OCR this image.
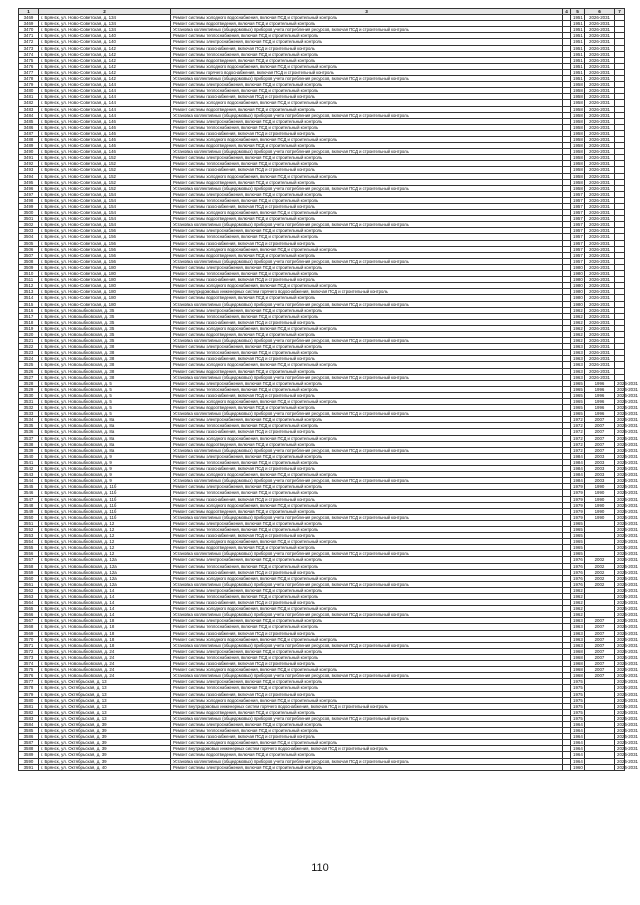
1	2	3	4	5	6	7
3469	г. Брянск, ул. Ново-Советская, д. 134	Ремонт системы холодного водоснабжения, включая ПСД и строительный контроль		1951	2026-2031	
3469	г. Брянск, ул. Ново-Советская, д. 134	Ремонт системы водоотведения, включая ПСД и строительный контроль		1951	2026-2031	
3470	г. Брянск, ул. Ново-Советская, д. 134	Установка коллективных (общедомовых) приборов учета потребления ресурсов, включая ПСД и строительный контроль		1951	2026-2031	
3471	г. Брянск, ул. Ново-Советская, д. 140	Ремонт системы теплоснабжения, включая ПСД и строительный контроль		1951	2026-2031	
3472	г. Брянск, ул. Ново-Советская, д. 140	Ремонт системы электроснабжения, включая ПСД и строительный контроль		1951	2026-2031	
3473	г. Брянск, ул. Ново-Советская, д. 142	Ремонт системы газоснабжения, включая ПСД и строительный контроль		1951	2026-2031	
3474	г. Брянск, ул. Ново-Советская, д. 142	Ремонт системы теплоснабжения, включая ПСД и строительный контроль		1951	2026-2031	
3475	г. Брянск, ул. Ново-Советская, д. 142	Ремонт системы водоотведения, включая ПСД и строительный контроль		1951	2026-2031	
3476	г. Брянск, ул. Ново-Советская, д. 142	Ремонт системы холодного водоснабжения, включая ПСД и строительный контроль		1951	2026-2031	
3477	г. Брянск, ул. Ново-Советская, д. 142	Ремонт системы горячего водоснабжения, включая ПСД и строительный контроль		1951	2026-2031	
3478	г. Брянск, ул. Ново-Советская, д. 142	Установка коллективных (общедомовых) приборов учета потребления ресурсов, включая ПСД и строительный контроль		1951	2026-2031	
3479	г. Брянск, ул. Ново-Советская, д. 144	Ремонт системы электроснабжения, включая ПСД и строительный контроль		1958	2026-2031	
3480	г. Брянск, ул. Ново-Советская, д. 144	Ремонт системы теплоснабжения, включая ПСД и строительный контроль		1958	2026-2031	
3481	г. Брянск, ул. Ново-Советская, д. 144	Ремонт системы газоснабжения, включая ПСД и строительный контроль		1958	2026-2031	
3482	г. Брянск, ул. Ново-Советская, д. 144	Ремонт системы холодного водоснабжения, включая ПСД и строительный контроль		1958	2026-2031	
3483	г. Брянск, ул. Ново-Советская, д. 144	Ремонт системы водоотведения, включая ПСД и строительный контроль		1958	2026-2031	
3484	г. Брянск, ул. Ново-Советская, д. 144	Установка коллективных (общедомовых) приборов учета потребления ресурсов, включая ПСД и строительный контроль		1958	2026-2031	
3485	г. Брянск, ул. Ново-Советская, д. 146	Ремонт системы электроснабжения, включая ПСД и строительный контроль		1958	2026-2031	
3486	г. Брянск, ул. Ново-Советская, д. 146	Ремонт системы теплоснабжения, включая ПСД и строительный контроль		1958	2026-2031	
3487	г. Брянск, ул. Ново-Советская, д. 146	Ремонт системы газоснабжения, включая ПСД и строительный контроль		1958	2026-2031	
3488	г. Брянск, ул. Ново-Советская, д. 146	Ремонт системы холодного водоснабжения, включая ПСД и строительный контроль		1958	2026-2031	
3489	г. Брянск, ул. Ново-Советская, д. 146	Ремонт системы водоотведения, включая ПСД и строительный контроль		1958	2026-2031	
3490	г. Брянск, ул. Ново-Советская, д. 146	Установка коллективных (общедомовых) приборов учета потребления ресурсов, включая ПСД и строительный контроль		1958	2026-2031	
3491	г. Брянск, ул. Ново-Советская, д. 152	Ремонт системы электроснабжения, включая ПСД и строительный контроль		1958	2026-2031	
3492	г. Брянск, ул. Ново-Советская, д. 152	Ремонт системы теплоснабжения, включая ПСД и строительный контроль		1958	2026-2031	
3493	г. Брянск, ул. Ново-Советская, д. 152	Ремонт системы газоснабжения, включая ПСД и строительный контроль		1958	2026-2031	
3494	г. Брянск, ул. Ново-Советская, д. 152	Ремонт системы холодного водоснабжения, включая ПСД и строительный контроль		1958	2026-2031	
3495	г. Брянск, ул. Ново-Советская, д. 152	Ремонт системы водоотведения, включая ПСД и строительный контроль		1958	2026-2031	
3496	г. Брянск, ул. Ново-Советская, д. 152	Установка коллективных (общедомовых) приборов учета потребления ресурсов, включая ПСД и строительный контроль		1958	2026-2031	
3497	г. Брянск, ул. Ново-Советская, д. 154	Ремонт системы электроснабжения, включая ПСД и строительный контроль		1957	2026-2031	
3498	г. Брянск, ул. Ново-Советская, д. 154	Ремонт системы теплоснабжения, включая ПСД и строительный контроль		1957	2026-2031	
3499	г. Брянск, ул. Ново-Советская, д. 154	Ремонт системы газоснабжения, включая ПСД и строительный контроль		1957	2026-2031	
3500	г. Брянск, ул. Ново-Советская, д. 154	Ремонт системы холодного водоснабжения, включая ПСД и строительный контроль		1957	2026-2031	
3501	г. Брянск, ул. Ново-Советская, д. 154	Ремонт системы водоотведения, включая ПСД и строительный контроль		1957	2026-2031	
3502	г. Брянск, ул. Ново-Советская, д. 154	Установка коллективных (общедомовых) приборов учета потребления ресурсов, включая ПСД и строительный контроль		1957	2026-2031	
3503	г. Брянск, ул. Ново-Советская, д. 156	Ремонт системы электроснабжения, включая ПСД и строительный контроль		1957	2026-2031	
3504	г. Брянск, ул. Ново-Советская, д. 156	Ремонт системы теплоснабжения, включая ПСД и строительный контроль		1957	2026-2031	
3505	г. Брянск, ул. Ново-Советская, д. 156	Ремонт системы газоснабжения, включая ПСД и строительный контроль		1957	2026-2031	
3506	г. Брянск, ул. Ново-Советская, д. 156	Ремонт системы холодного водоснабжения, включая ПСД и строительный контроль		1957	2026-2031	
3507	г. Брянск, ул. Ново-Советская, д. 156	Ремонт системы водоотведения, включая ПСД и строительный контроль		1957	2026-2031	
3508	г. Брянск, ул. Ново-Советская, д. 156	Установка коллективных (общедомовых) приборов учета потребления ресурсов, включая ПСД и строительный контроль		1957	2026-2031	
3509	г. Брянск, ул. Ново-Советская, д. 180	Ремонт системы электроснабжения, включая ПСД и строительный контроль		1980	2026-2031	
3510	г. Брянск, ул. Ново-Советская, д. 180	Ремонт системы теплоснабжения, включая ПСД и строительный контроль		1980	2026-2031	
3511	г. Брянск, ул. Ново-Советская, д. 180	Ремонт системы газоснабжения, включая ПСД и строительный контроль		1980	2026-2031	
3512	г. Брянск, ул. Ново-Советская, д. 180	Ремонт системы холодного водоснабжения, включая ПСД и строительный контроль		1980	2026-2031	
3513	г. Брянск, ул. Ново-Советская, д. 180	Ремонт внутридомовых инженерных систем горячего водоснабжения, включая ПСД и строительный контроль		1980	2026-2031	
3514	г. Брянск, ул. Ново-Советская, д. 180	Ремонт системы водоотведения, включая ПСД и строительный контроль		1980	2026-2031	
3515	г. Брянск, ул. Ново-Советская, д. 180	Установка коллективных (общедомовых) приборов учета потребления ресурсов, включая ПСД и строительный контроль		1980	2026-2031	
3516	г. Брянск, ул. Новозыбковская, д. 35	Ремонт системы электроснабжения, включая ПСД и строительный контроль		1962	2026-2031	
3517	г. Брянск, ул. Новозыбковская, д. 35	Ремонт системы теплоснабжения, включая ПСД и строительный контроль		1962	2026-2031	
3518	г. Брянск, ул. Новозыбковская, д. 35	Ремонт системы газоснабжения, включая ПСД и строительный контроль		1962	2026-2031	
3519	г. Брянск, ул. Новозыбковская, д. 35	Ремонт системы холодного водоснабжения, включая ПСД и строительный контроль		1962	2026-2031	
3520	г. Брянск, ул. Новозыбковская, д. 35	Ремонт системы водоотведения, включая ПСД и строительный контроль		1962	2026-2031	
3521	г. Брянск, ул. Новозыбковская, д. 35	Установка коллективных (общедомовых) приборов учета потребления ресурсов, включая ПСД и строительный контроль		1962	2026-2031	
3522	г. Брянск, ул. Новозыбковская, д. 38	Ремонт системы электроснабжения, включая ПСД и строительный контроль		1963	2026-2031	
3523	г. Брянск, ул. Новозыбковская, д. 38	Ремонт системы теплоснабжения, включая ПСД и строительный контроль		1963	2026-2031	
3524	г. Брянск, ул. Новозыбковская, д. 38	Ремонт системы газоснабжения, включая ПСД и строительный контроль		1963	2026-2031	
3525	г. Брянск, ул. Новозыбковская, д. 38	Ремонт системы холодного водоснабжения, включая ПСД и строительный контроль		1963	2026-2031	
3526	г. Брянск, ул. Новозыбковская, д. 38	Ремонт системы водоотведения, включая ПСД и строительный контроль		1963	2026-2031	
3527	г. Брянск, ул. Новозыбковская, д. 38	Установка коллективных (общедомовых) приборов учета потребления ресурсов, включая ПСД и строительный контроль		1963	2026-2031	
3528	г. Брянск, ул. Новозыбковская, д. 5	Ремонт системы электроснабжения, включая ПСД и строительный контроль		1965	1996	2026-2031
3529	г. Брянск, ул. Новозыбковская, д. 5	Ремонт системы теплоснабжения, включая ПСД и строительный контроль		1965	1996	2026-2031
3530	г. Брянск, ул. Новозыбковская, д. 5	Ремонт системы газоснабжения, включая ПСД и строительный контроль		1965	1996	2026-2031
3531	г. Брянск, ул. Новозыбковская, д. 5	Ремонт системы холодного водоснабжения, включая ПСД и строительный контроль		1965	1996	2026-2031
3532	г. Брянск, ул. Новозыбковская, д. 5	Ремонт системы водоотведения, включая ПСД и строительный контроль		1965	1996	2026-2031
3533	г. Брянск, ул. Новозыбковская, д. 5	Установка коллективных (общедомовых) приборов учета потребления ресурсов, включая ПСД и строительный контроль		1965	1996	2026-2031
3534	г. Брянск, ул. Новозыбковская, д. 8а	Ремонт системы электроснабжения, включая ПСД и строительный контроль		1972	2007	2026-2031
3535	г. Брянск, ул. Новозыбковская, д. 8а	Ремонт системы теплоснабжения, включая ПСД и строительный контроль		1972	2007	2026-2031
3536	г. Брянск, ул. Новозыбковская, д. 8а	Ремонт системы газоснабжения, включая ПСД и строительный контроль		1972	2007	2026-2031
3537	г. Брянск, ул. Новозыбковская, д. 8а	Ремонт системы холодного водоснабжения, включая ПСД и строительный контроль		1972	2007	2026-2031
3538	г. Брянск, ул. Новозыбковская, д. 8а	Ремонт системы водоотведения, включая ПСД и строительный контроль		1972	2007	2026-2031
3539	г. Брянск, ул. Новозыбковская, д. 8а	Установка коллективных (общедомовых) приборов учета потребления ресурсов, включая ПСД и строительный контроль		1972	2007	2026-2031
3540	г. Брянск, ул. Новозыбковская, д. 9	Ремонт системы электроснабжения, включая ПСД и строительный контроль		1984	2003	2026-2031
3541	г. Брянск, ул. Новозыбковская, д. 9	Ремонт системы теплоснабжения, включая ПСД и строительный контроль		1984	2003	2026-2031
3542	г. Брянск, ул. Новозыбковская, д. 9	Ремонт системы газоснабжения, включая ПСД и строительный контроль		1984	2003	2026-2031
3543	г. Брянск, ул. Новозыбковская, д. 9	Ремонт системы холодного водоснабжения, включая ПСД и строительный контроль		1984	2003	2026-2031
3544	г. Брянск, ул. Новозыбковская, д. 9	Установка коллективных (общедомовых) приборов учета потребления ресурсов, включая ПСД и строительный контроль		1984	2003	2026-2031
3545	г. Брянск, ул. Новозыбковская, д. 11б	Ремонт системы электроснабжения, включая ПСД и строительный контроль		1979	1990	2026-2031
3546	г. Брянск, ул. Новозыбковская, д. 11б	Ремонт системы теплоснабжения, включая ПСД и строительный контроль		1979	1990	2026-2031
3547	г. Брянск, ул. Новозыбковская, д. 11б	Ремонт системы газоснабжения, включая ПСД и строительный контроль		1979	1990	2026-2031
3548	г. Брянск, ул. Новозыбковская, д. 11б	Ремонт системы холодного водоснабжения, включая ПСД и строительный контроль		1979	1990	2026-2031
3549	г. Брянск, ул. Новозыбковская, д. 11б	Ремонт системы водоотведения, включая ПСД и строительный контроль		1979	1990	2026-2031
3550	г. Брянск, ул. Новозыбковская, д. 11б	Установка коллективных (общедомовых) приборов учета потребления ресурсов, включая ПСД и строительный контроль		1979	1990	2026-2031
3551	г. Брянск, ул. Новозыбковская, д. 12	Ремонт системы электроснабжения, включая ПСД и строительный контроль		1965		2026-2031
3552	г. Брянск, ул. Новозыбковская, д. 12	Ремонт системы теплоснабжения, включая ПСД и строительный контроль		1965		2026-2031
3553	г. Брянск, ул. Новозыбковская, д. 12	Ремонт системы газоснабжения, включая ПСД и строительный контроль		1965		2026-2031
3554	г. Брянск, ул. Новозыбковская, д. 12	Ремонт системы холодного водоснабжения, включая ПСД и строительный контроль		1965		2026-2031
3555	г. Брянск, ул. Новозыбковская, д. 12	Ремонт системы водоотведения, включая ПСД и строительный контроль		1965		2026-2031
3556	г. Брянск, ул. Новозыбковская, д. 12	Установка коллективных (общедомовых) приборов учета потребления ресурсов, включая ПСД и строительный контроль		1965		2026-2031
3557	г. Брянск, ул. Новозыбковская, д. 12а	Ремонт системы электроснабжения, включая ПСД и строительный контроль		1976	2002	2026-2031
3558	г. Брянск, ул. Новозыбковская, д. 12а	Ремонт системы теплоснабжения, включая ПСД и строительный контроль		1976	2002	2026-2031
3559	г. Брянск, ул. Новозыбковская, д. 12а	Ремонт системы газоснабжения, включая ПСД и строительный контроль		1976	2002	2026-2031
3560	г. Брянск, ул. Новозыбковская, д. 12а	Ремонт системы холодного водоснабжения, включая ПСД и строительный контроль		1976	2002	2026-2031
3561	г. Брянск, ул. Новозыбковская, д. 12а	Установка коллективных (общедомовых) приборов учета потребления ресурсов, включая ПСД и строительный контроль		1976	2002	2026-2031
3562	г. Брянск, ул. Новозыбковская, д. 14	Ремонт системы электроснабжения, включая ПСД и строительный контроль		1962		2026-2031
3563	г. Брянск, ул. Новозыбковская, д. 14	Ремонт системы теплоснабжения, включая ПСД и строительный контроль		1962		2026-2031
3564	г. Брянск, ул. Новозыбковская, д. 14	Ремонт системы газоснабжения, включая ПСД и строительный контроль		1962		2026-2031
3565	г. Брянск, ул. Новозыбковская, д. 14	Ремонт системы холодного водоснабжения, включая ПСД и строительный контроль		1962		2026-2031
3566	г. Брянск, ул. Новозыбковская, д. 14	Установка коллективных (общедомовых) приборов учета потребления ресурсов, включая ПСД и строительный контроль		1962		2026-2031
3567	г. Брянск, ул. Новозыбковская, д. 18	Ремонт системы электроснабжения, включая ПСД и строительный контроль		1963	2007	2026-2031
3568	г. Брянск, ул. Новозыбковская, д. 18	Ремонт системы теплоснабжения, включая ПСД и строительный контроль		1963	2007	2026-2031
3569	г. Брянск, ул. Новозыбковская, д. 18	Ремонт системы газоснабжения, включая ПСД и строительный контроль		1963	2007	2026-2031
3570	г. Брянск, ул. Новозыбковская, д. 18	Ремонт системы холодного водоснабжения, включая ПСД и строительный контроль		1963	2007	2026-2031
3571	г. Брянск, ул. Новозыбковская, д. 18	Установка коллективных (общедомовых) приборов учета потребления ресурсов, включая ПСД и строительный контроль		1963	2007	2026-2031
3572	г. Брянск, ул. Новозыбковская, д. 24	Ремонт системы электроснабжения, включая ПСД и строительный контроль		1968	2007	2026-2031
3573	г. Брянск, ул. Новозыбковская, д. 24	Ремонт системы теплоснабжения, включая ПСД и строительный контроль		1968	2007	2026-2031
3574	г. Брянск, ул. Новозыбковская, д. 24	Ремонт системы газоснабжения, включая ПСД и строительный контроль		1968	2007	2026-2031
3575	г. Брянск, ул. Новозыбковская, д. 24	Ремонт системы холодного водоснабжения, включая ПСД и строительный контроль		1968	2007	2026-2031
3576	г. Брянск, ул. Новозыбковская, д. 24	Установка коллективных (общедомовых) приборов учета потребления ресурсов, включая ПСД и строительный контроль		1968	2007	2026-2031
3577	г. Брянск, ул. Октябрьская, д. 13	Ремонт системы электроснабжения, включая ПСД и строительный контроль		1975		2026-2031
3578	г. Брянск, ул. Октябрьская, д. 13	Ремонт системы теплоснабжения, включая ПСД и строительный контроль		1975		2026-2031
3579	г. Брянск, ул. Октябрьская, д. 13	Ремонт системы газоснабжения, включая ПСД и строительный контроль		1975		2026-2031
3580	г. Брянск, ул. Октябрьская, д. 13	Ремонт системы холодного водоснабжения, включая ПСД и строительный контроль		1975		2026-2031
3581	г. Брянск, ул. Октябрьская, д. 13	Ремонт внутридомовых инженерных систем горячего водоснабжения, включая ПСД и строительный контроль		1975		2026-2031
3582	г. Брянск, ул. Октябрьская, д. 13	Ремонт системы водоотведения, включая ПСД и строительный контроль		1975		2026-2031
3583	г. Брянск, ул. Октябрьская, д. 13	Установка коллективных (общедомовых) приборов учета потребления ресурсов, включая ПСД и строительный контроль		1975		2026-2031
3584	г. Брянск, ул. Октябрьская, д. 39	Ремонт системы электроснабжения, включая ПСД и строительный контроль		1964		2026-2031
3585	г. Брянск, ул. Октябрьская, д. 39	Ремонт системы теплоснабжения, включая ПСД и строительный контроль		1964		2026-2031
3586	г. Брянск, ул. Октябрьская, д. 39	Ремонт системы газоснабжения, включая ПСД и строительный контроль		1964		2026-2031
3587	г. Брянск, ул. Октябрьская, д. 39	Ремонт системы холодного водоснабжения, включая ПСД и строительный контроль		1964		2026-2031
3588	г. Брянск, ул. Октябрьская, д. 39	Ремонт внутридомовых инженерных систем горячего водоснабжения, включая ПСД и строительный контроль		1964		2026-2031
3589	г. Брянск, ул. Октябрьская, д. 39	Ремонт системы водоотведения, включая ПСД и строительный контроль		1964		2026-2031
3590	г. Брянск, ул. Октябрьская, д. 39	Установка коллективных (общедомовых) приборов учета потребления ресурсов, включая ПСД и строительный контроль		1964		2026-2031
3591	г. Брянск, ул. Октябрьская, д. 40	Ремонт системы электроснабжения, включая ПСД и строительный контроль		1960		2026-2031
110
